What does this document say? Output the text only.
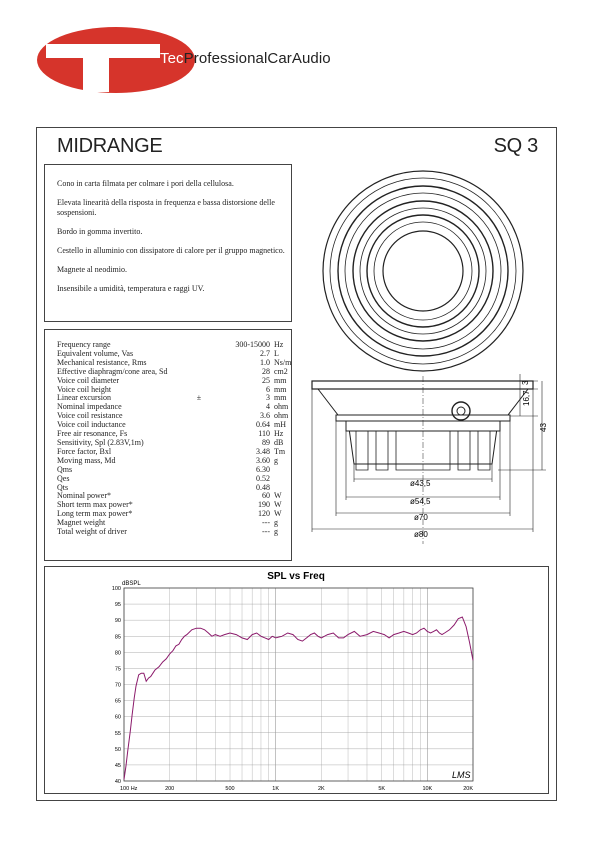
TecProfessionalCarAudio
MIDRANGE	SQ 3

Cono in carta filmata per colmare i pori della cellulosa.

Elevata linearità della risposta in frequenza e bassa distorsione delle sospensioni.

Bordo in gomma invertito.

Cestello in alluminio con dissipatore di calore per il gruppo magnetico.

Magnete al neodimio.

Insensibile a umidità, temperatura e raggi UV.

Frequency range		300-15000	Hz
Equivalent volume, Vas		2.7	L
Mechanical resistance, Rms		1.0	Ns/m
Effective diaphragm/cone area, Sd		28	cm2
Voice coil diameter		25	mm
Voice coil height		6	mm
Linear excursion	±	3	mm
Nominal impedance		4	ohm
Voice coil resistance		3.6	ohm
Voice coil inductance		0.64	mH
Free air resonance, Fs		110	Hz
Sensitivity, Spl (2.83V,1m)		89	dB
Force factor, Bxl		3.48	Tm
Moving mass, Md		3.60	g
Qms		6.30	
Qes		0.52	
Qts		0.48	
Nominal power*		60	W
Short term max power*		190	W
Long term max power*		120	W
Magnet weight		---	g
Total weight of driver		---	g
3
16,7
43
ø43,5
ø54,5
ø70
ø80
SPL vs Freq
dBSPL
40
45
50
55
60
65
70
75
80
85
90
95
100
100 Hz	200	500	1K	2K	5K	10K	20K
LMS
